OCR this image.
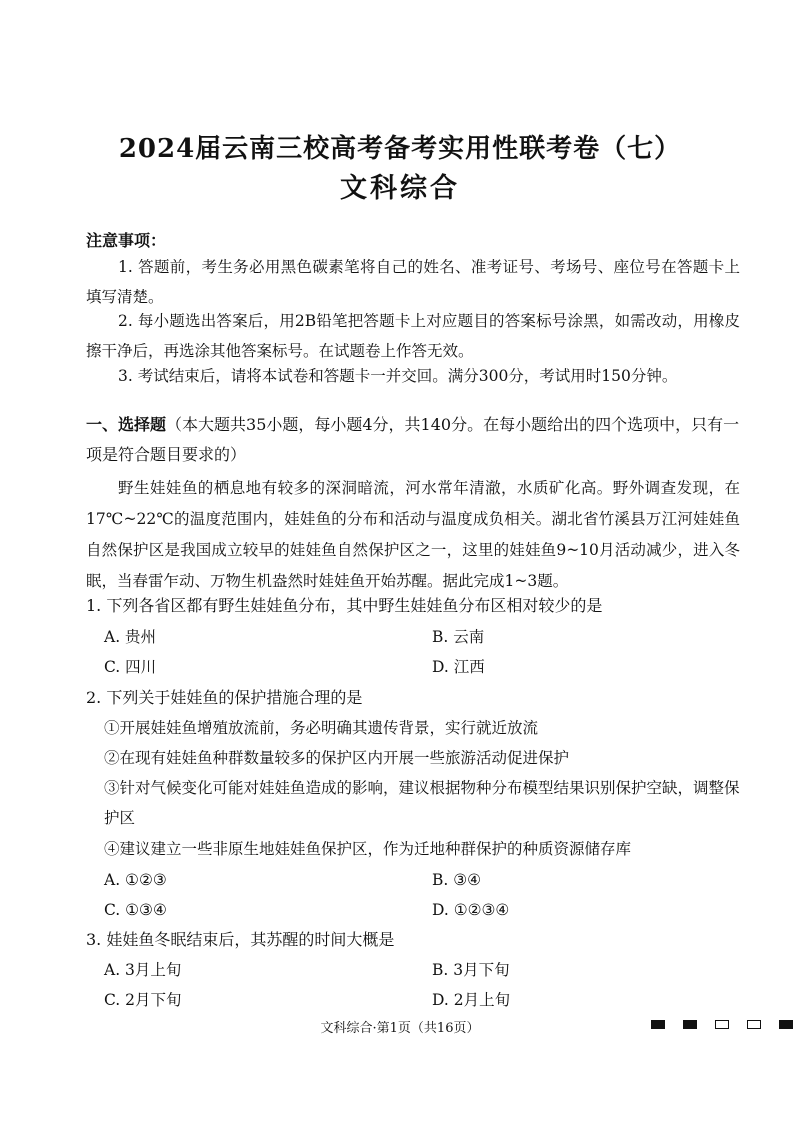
2024届云南三校高考备考实用性联考卷（七）
文科综合

注意事项：

1. 答题前，考生务必用黑色碳素笔将自己的姓名、准考证号、考场号、座位号在答题卡上填写清楚。

2. 每小题选出答案后，用2B铅笔把答题卡上对应题目的答案标号涂黑，如需改动，用橡皮擦干净后，再选涂其他答案标号。在试题卷上作答无效。

3. 考试结束后，请将本试卷和答题卡一并交回。满分300分，考试用时150分钟。

一、选择题（本大题共35小题，每小题4分，共140分。在每小题给出的四个选项中，只有一项是符合题目要求的）

野生娃娃鱼的栖息地有较多的深洞暗流，河水常年清澈，水质矿化高。野外调查发现，在17℃~22℃的温度范围内，娃娃鱼的分布和活动与温度成负相关。湖北省竹溪县万江河娃娃鱼自然保护区是我国成立较早的娃娃鱼自然保护区之一，这里的娃娃鱼9~10月活动减少，进入冬眠，当春雷乍动、万物生机盎然时娃娃鱼开始苏醒。据此完成1~3题。

1. 下列各省区都有野生娃娃鱼分布，其中野生娃娃鱼分布区相对较少的是

A. 贵州	B. 云南

C. 四川	D. 江西

2. 下列关于娃娃鱼的保护措施合理的是

①开展娃娃鱼增殖放流前，务必明确其遗传背景，实行就近放流

②在现有娃娃鱼种群数量较多的保护区内开展一些旅游活动促进保护

③针对气候变化可能对娃娃鱼造成的影响，建议根据物种分布模型结果识别保护空缺，调整保护区

④建议建立一些非原生地娃娃鱼保护区，作为迁地种群保护的种质资源储存库

A. ①②③	B. ③④

C. ①③④	D. ①②③④

3. 娃娃鱼冬眠结束后，其苏醒的时间大概是

A. 3月上旬	B. 3月下旬

C. 2月下旬	D. 2月上旬

文科综合·第1页（共16页）
